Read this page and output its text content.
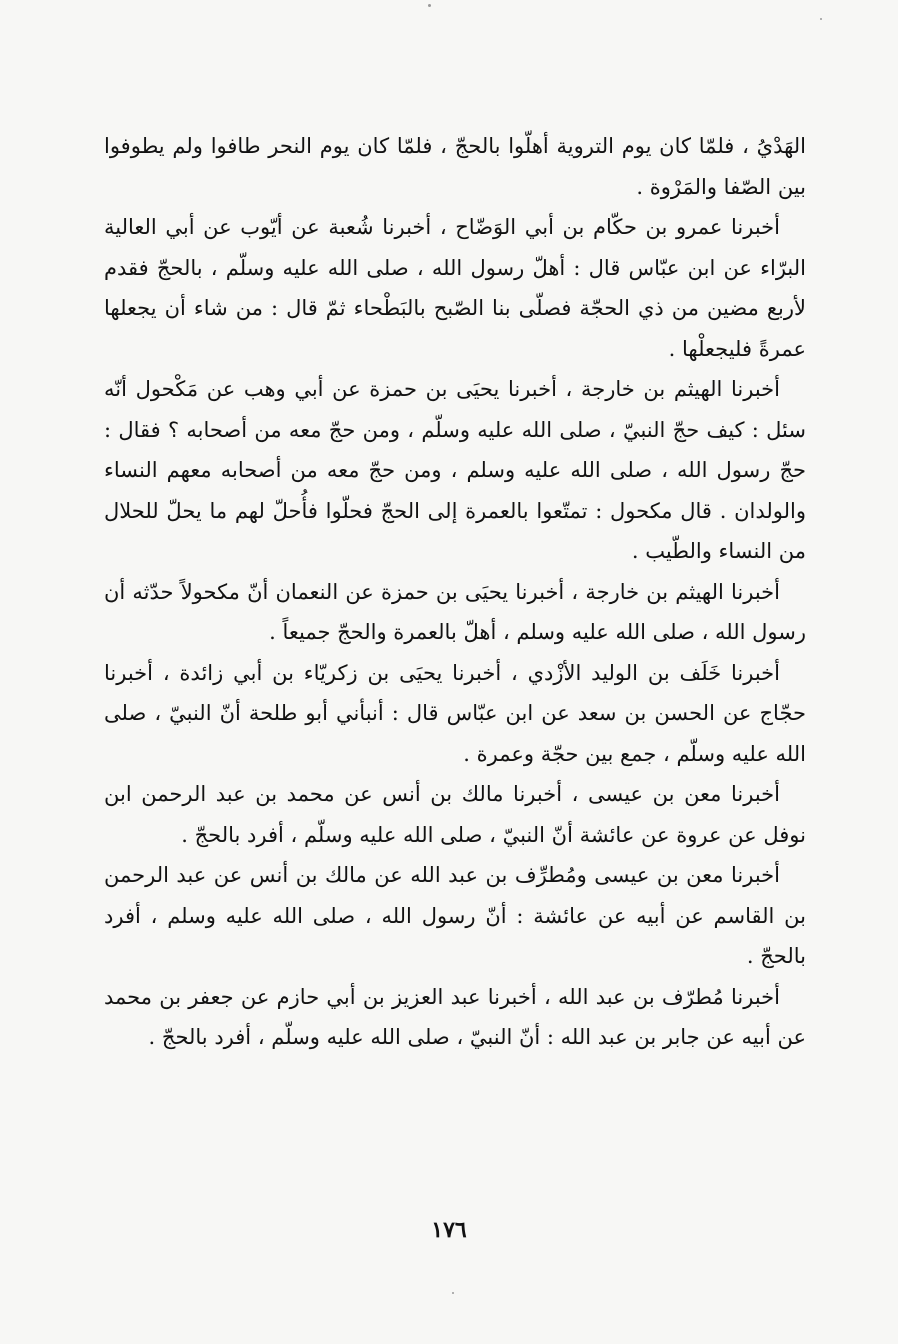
الهَدْيُ ، فلمّا كان يوم التروية أهلّوا بالحجّ ، فلمّا كان يوم النحر طافوا ولم يطوفوا بين الصّفا والمَرْوة .

أخبرنا عمرو بن حكّام بن أبي الوَضّاح ، أخبرنا شُعبة عن أيّوب عن أبي العالية البرّاء عن ابن عبّاس قال : أهلّ رسول الله ، صلى الله عليه وسلّم ، بالحجّ فقدم لأربع مضين من ذي الحجّة فصلّى بنا الصّبح بالبَطْحاء ثمّ قال : من شاء أن يجعلها عمرةً فليجعلْها .

أخبرنا الهيثم بن خارجة ، أخبرنا يحيَى بن حمزة عن أبي وهب عن مَكْحول أنّه سئل : كيف حجّ النبيّ ، صلى الله عليه وسلّم ، ومن حجّ معه من أصحابه ؟ فقال : حجّ رسول الله ، صلى الله عليه وسلم ، ومن حجّ معه من أصحابه معهم النساء والولدان . قال مكحول : تمتّعوا بالعمرة إلى الحجّ فحلّوا فأُحلّ لهم ما يحلّ للحلال من النساء والطّيب .

أخبرنا الهيثم بن خارجة ، أخبرنا يحيَى بن حمزة عن النعمان أنّ مكحولاً حدّثه أن رسول الله ، صلى الله عليه وسلم ، أهلّ بالعمرة والحجّ جميعاً .

أخبرنا خَلَف بن الوليد الأزْدي ، أخبرنا يحيَى بن زكريّاء بن أبي زائدة ، أخبرنا حجّاج عن الحسن بن سعد عن ابن عبّاس قال : أنبأني أبو طلحة أنّ النبيّ ، صلى الله عليه وسلّم ، جمع بين حجّة وعمرة .

أخبرنا معن بن عيسى ، أخبرنا مالك بن أنس عن محمد بن عبد الرحمن ابن نوفل عن عروة عن عائشة أنّ النبيّ ، صلى الله عليه وسلّم ، أفرد بالحجّ .

أخبرنا معن بن عيسى ومُطرِّف بن عبد الله عن مالك بن أنس عن عبد الرحمن بن القاسم عن أبيه عن عائشة : أنّ رسول الله ، صلى الله عليه وسلم ، أفرد بالحجّ .

أخبرنا مُطرّف بن عبد الله ، أخبرنا عبد العزيز بن أبي حازم عن جعفر بن محمد عن أبيه عن جابر بن عبد الله : أنّ النبيّ ، صلى الله عليه وسلّم ، أفرد بالحجّ .

١٧٦
